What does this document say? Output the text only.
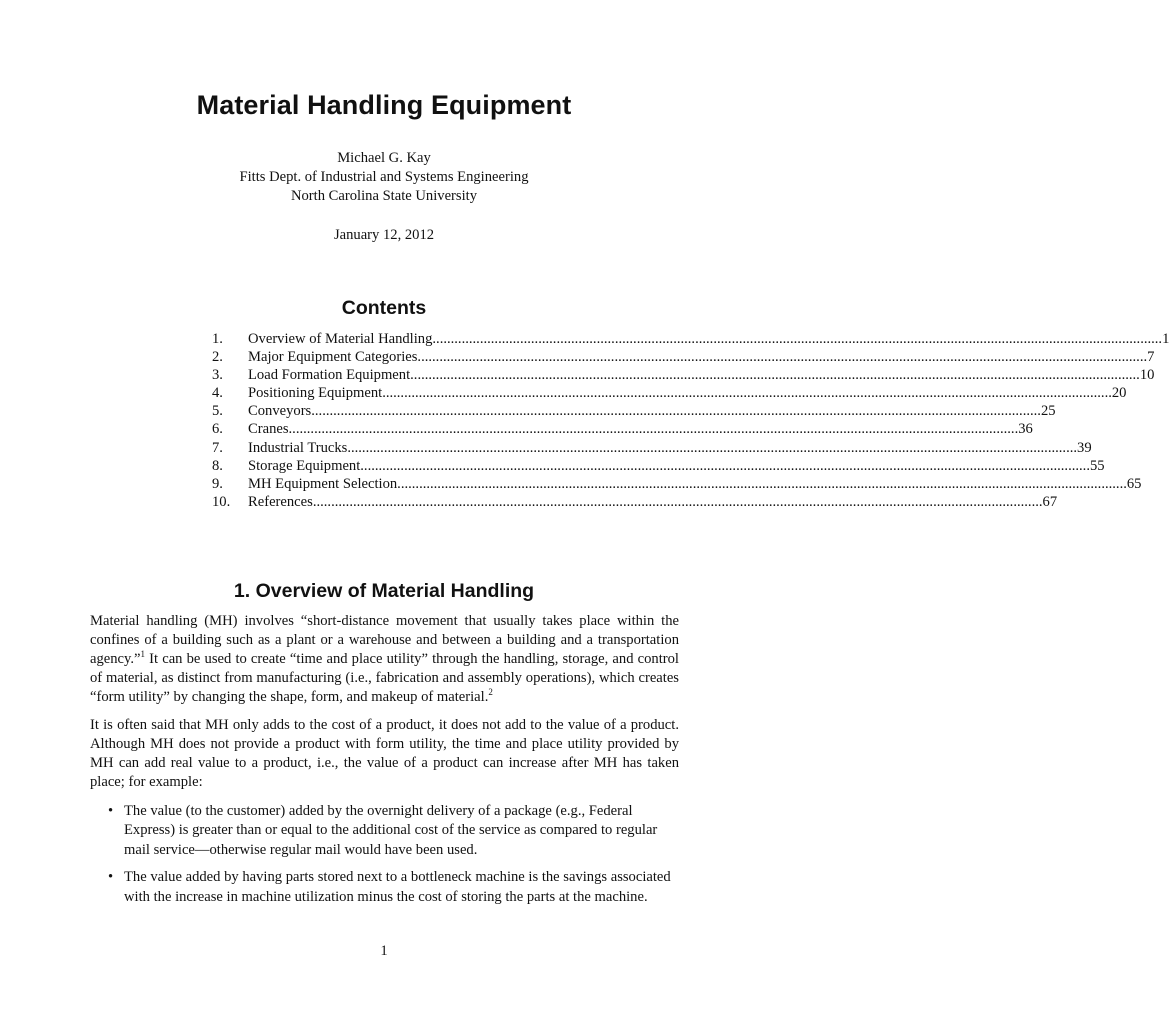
Material Handling Equipment
Michael G. Kay
Fitts Dept. of Industrial and Systems Engineering
North Carolina State University
January 12, 2012
Contents
1.	Overview of Material Handling ........................................................................................................................................................................................................ 1
2.	Major Equipment Categories ........................................................................................................................................................................................................ 7
3.	Load Formation Equipment ........................................................................................................................................................................................................ 10
4.	Positioning Equipment ........................................................................................................................................................................................................ 20
5.	Conveyors ........................................................................................................................................................................................................ 25
6.	Cranes ........................................................................................................................................................................................................ 36
7.	Industrial Trucks ........................................................................................................................................................................................................ 39
8.	Storage Equipment ........................................................................................................................................................................................................ 55
9.	MH Equipment Selection ........................................................................................................................................................................................................ 65
10.	References ........................................................................................................................................................................................................ 67
1. Overview of Material Handling
Material handling (MH) involves “short-distance movement that usually takes place within the confines of a building such as a plant or a warehouse and between a building and a transportation agency.”$^1$ It can be used to create “time and place utility” through the handling, storage, and control of material, as distinct from manufacturing (i.e., fabrication and assembly operations), which creates “form utility” by changing the shape, form, and makeup of material.$^2$
It is often said that MH only adds to the cost of a product, it does not add to the value of a product. Although MH does not provide a product with form utility, the time and place utility provided by MH can add real value to a product, i.e., the value of a product can increase after MH has taken place; for example:
• The value (to the customer) added by the overnight delivery of a package (e.g., Federal Express) is greater than or equal to the additional cost of the service as compared to regular mail service—otherwise regular mail would have been used.
• The value added by having parts stored next to a bottleneck machine is the savings associated with the increase in machine utilization minus the cost of storing the parts at the machine.
1
